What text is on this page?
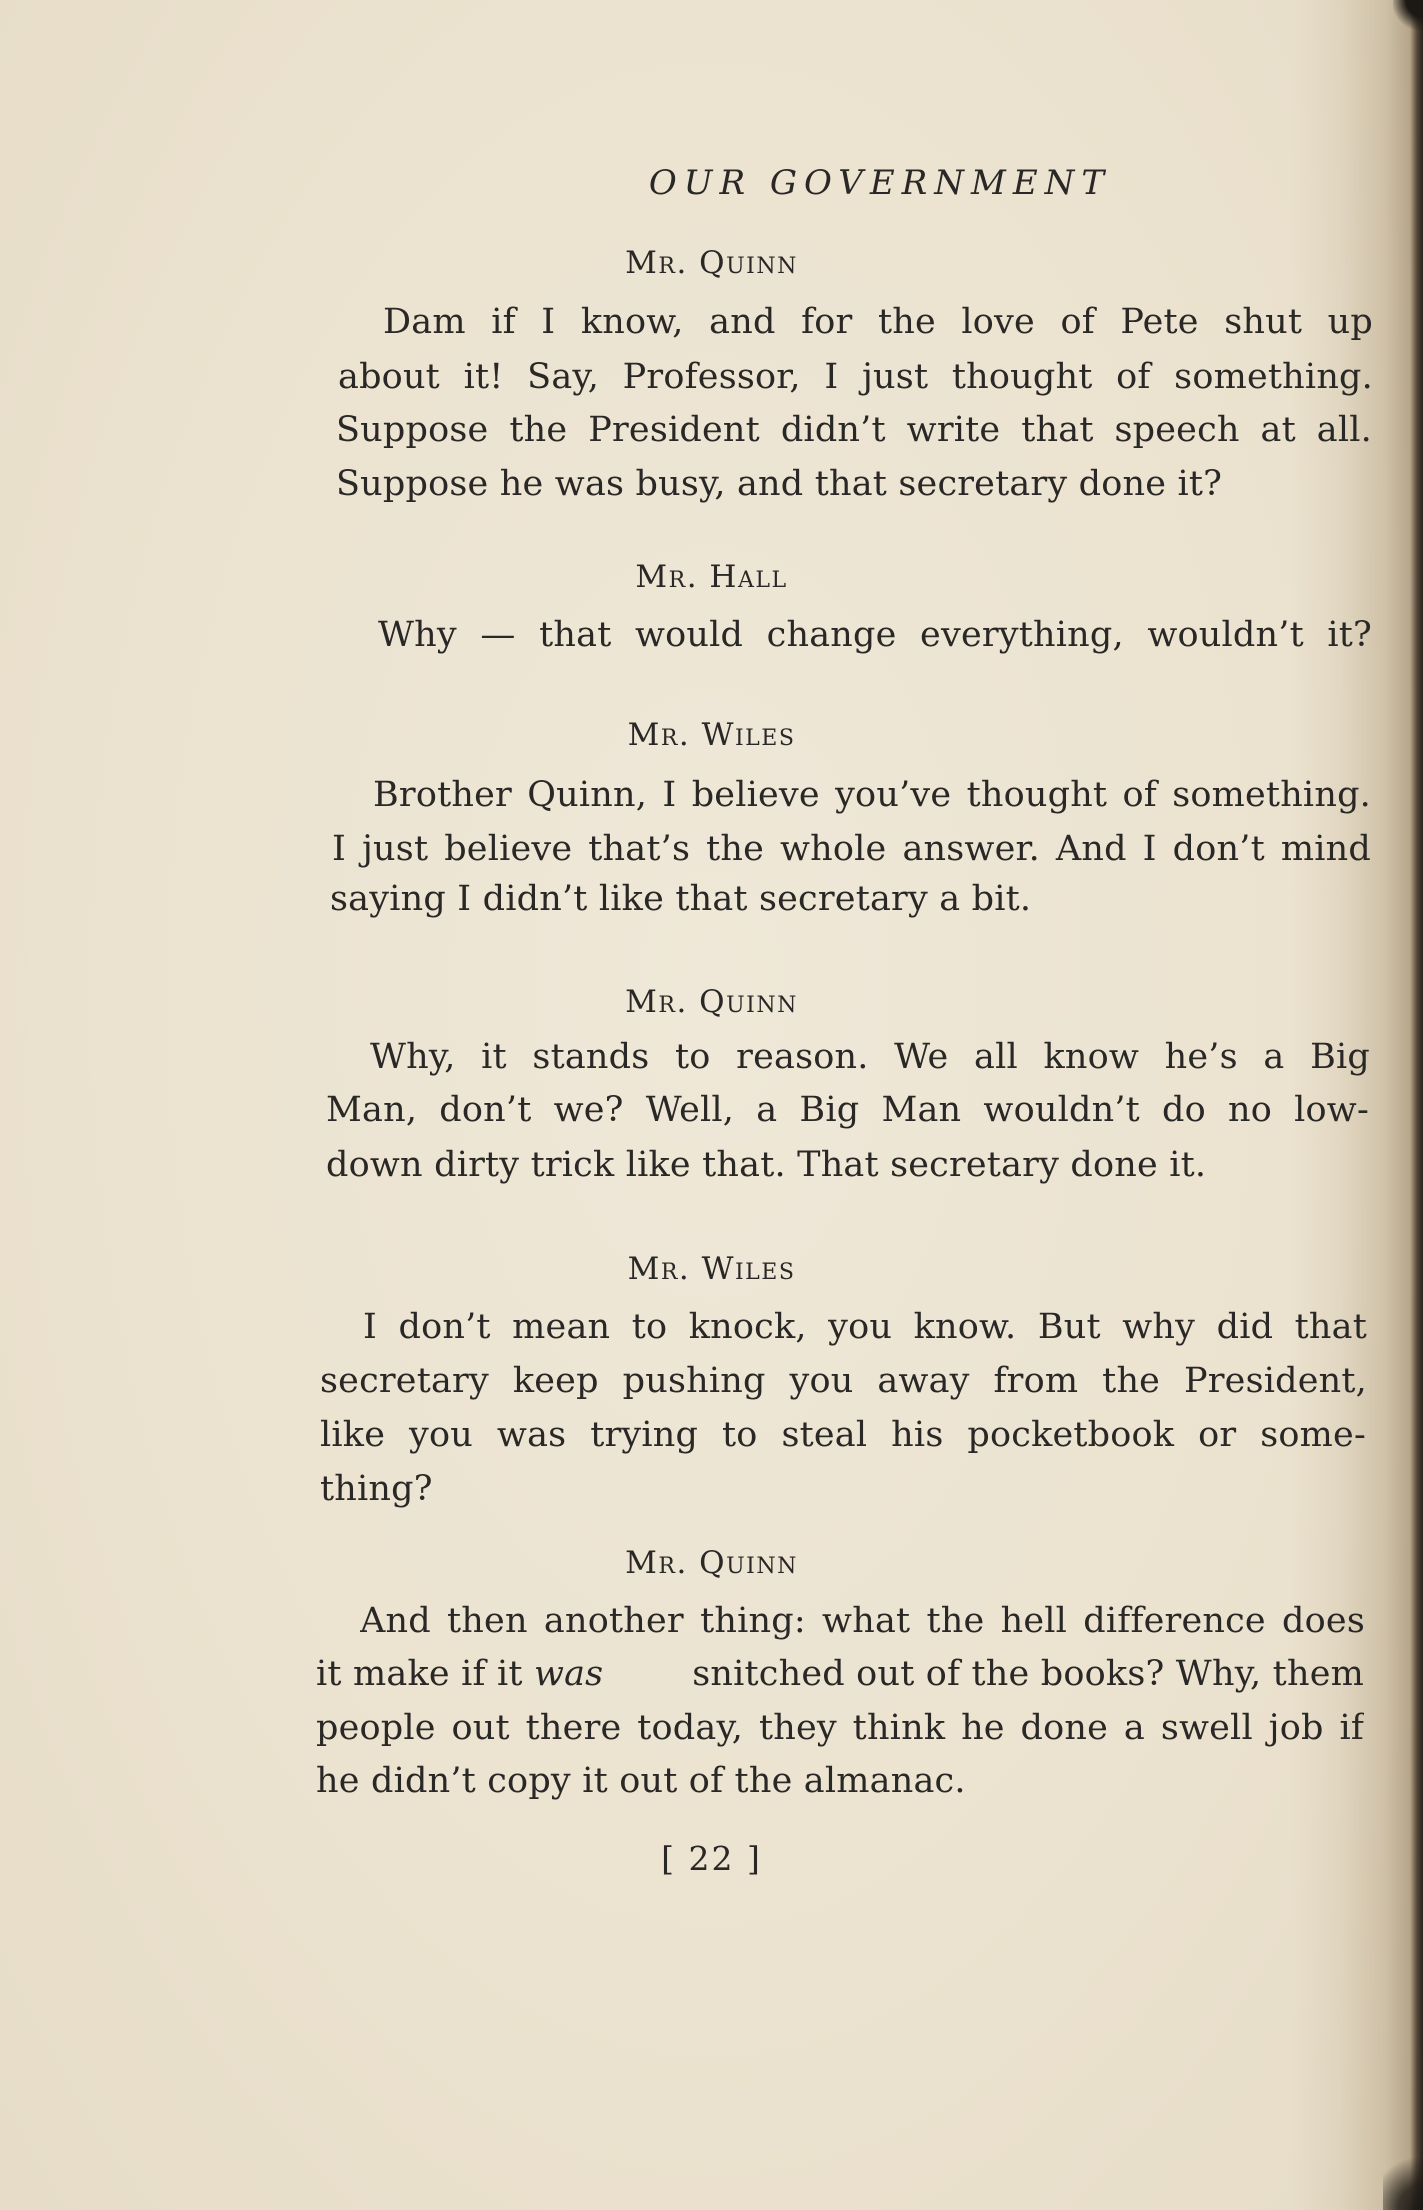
OUR GOVERNMENT
Mr. Quinn
Dam if I know, and for the love of Pete shut up
about it! Say, Professor, I just thought of something.
Suppose the President didn’t write that speech at all.
Suppose he was busy, and that secretary done it?
Mr. Hall
Why — that would change everything, wouldn’t it?
Mr. Wiles
Brother Quinn, I believe you’ve thought of something.
I just believe that’s the whole answer. And I don’t mind
saying I didn’t like that secretary a bit.
Mr. Quinn
Why, it stands to reason. We all know he’s a Big
Man, don’t we? Well, a Big Man wouldn’t do no low-
down dirty trick like that. That secretary done it.
Mr. Wiles
I don’t mean to knock, you know. But why did that
secretary keep pushing you away from the President,
like you was trying to steal his pocketbook or some-
thing?
Mr. Quinn
And then another thing: what the hell difference does
it make if it was	snitched out of the books? Why, them
people out there today, they think he done a swell job if
he didn’t copy it out of the almanac.
[ 22 ]
